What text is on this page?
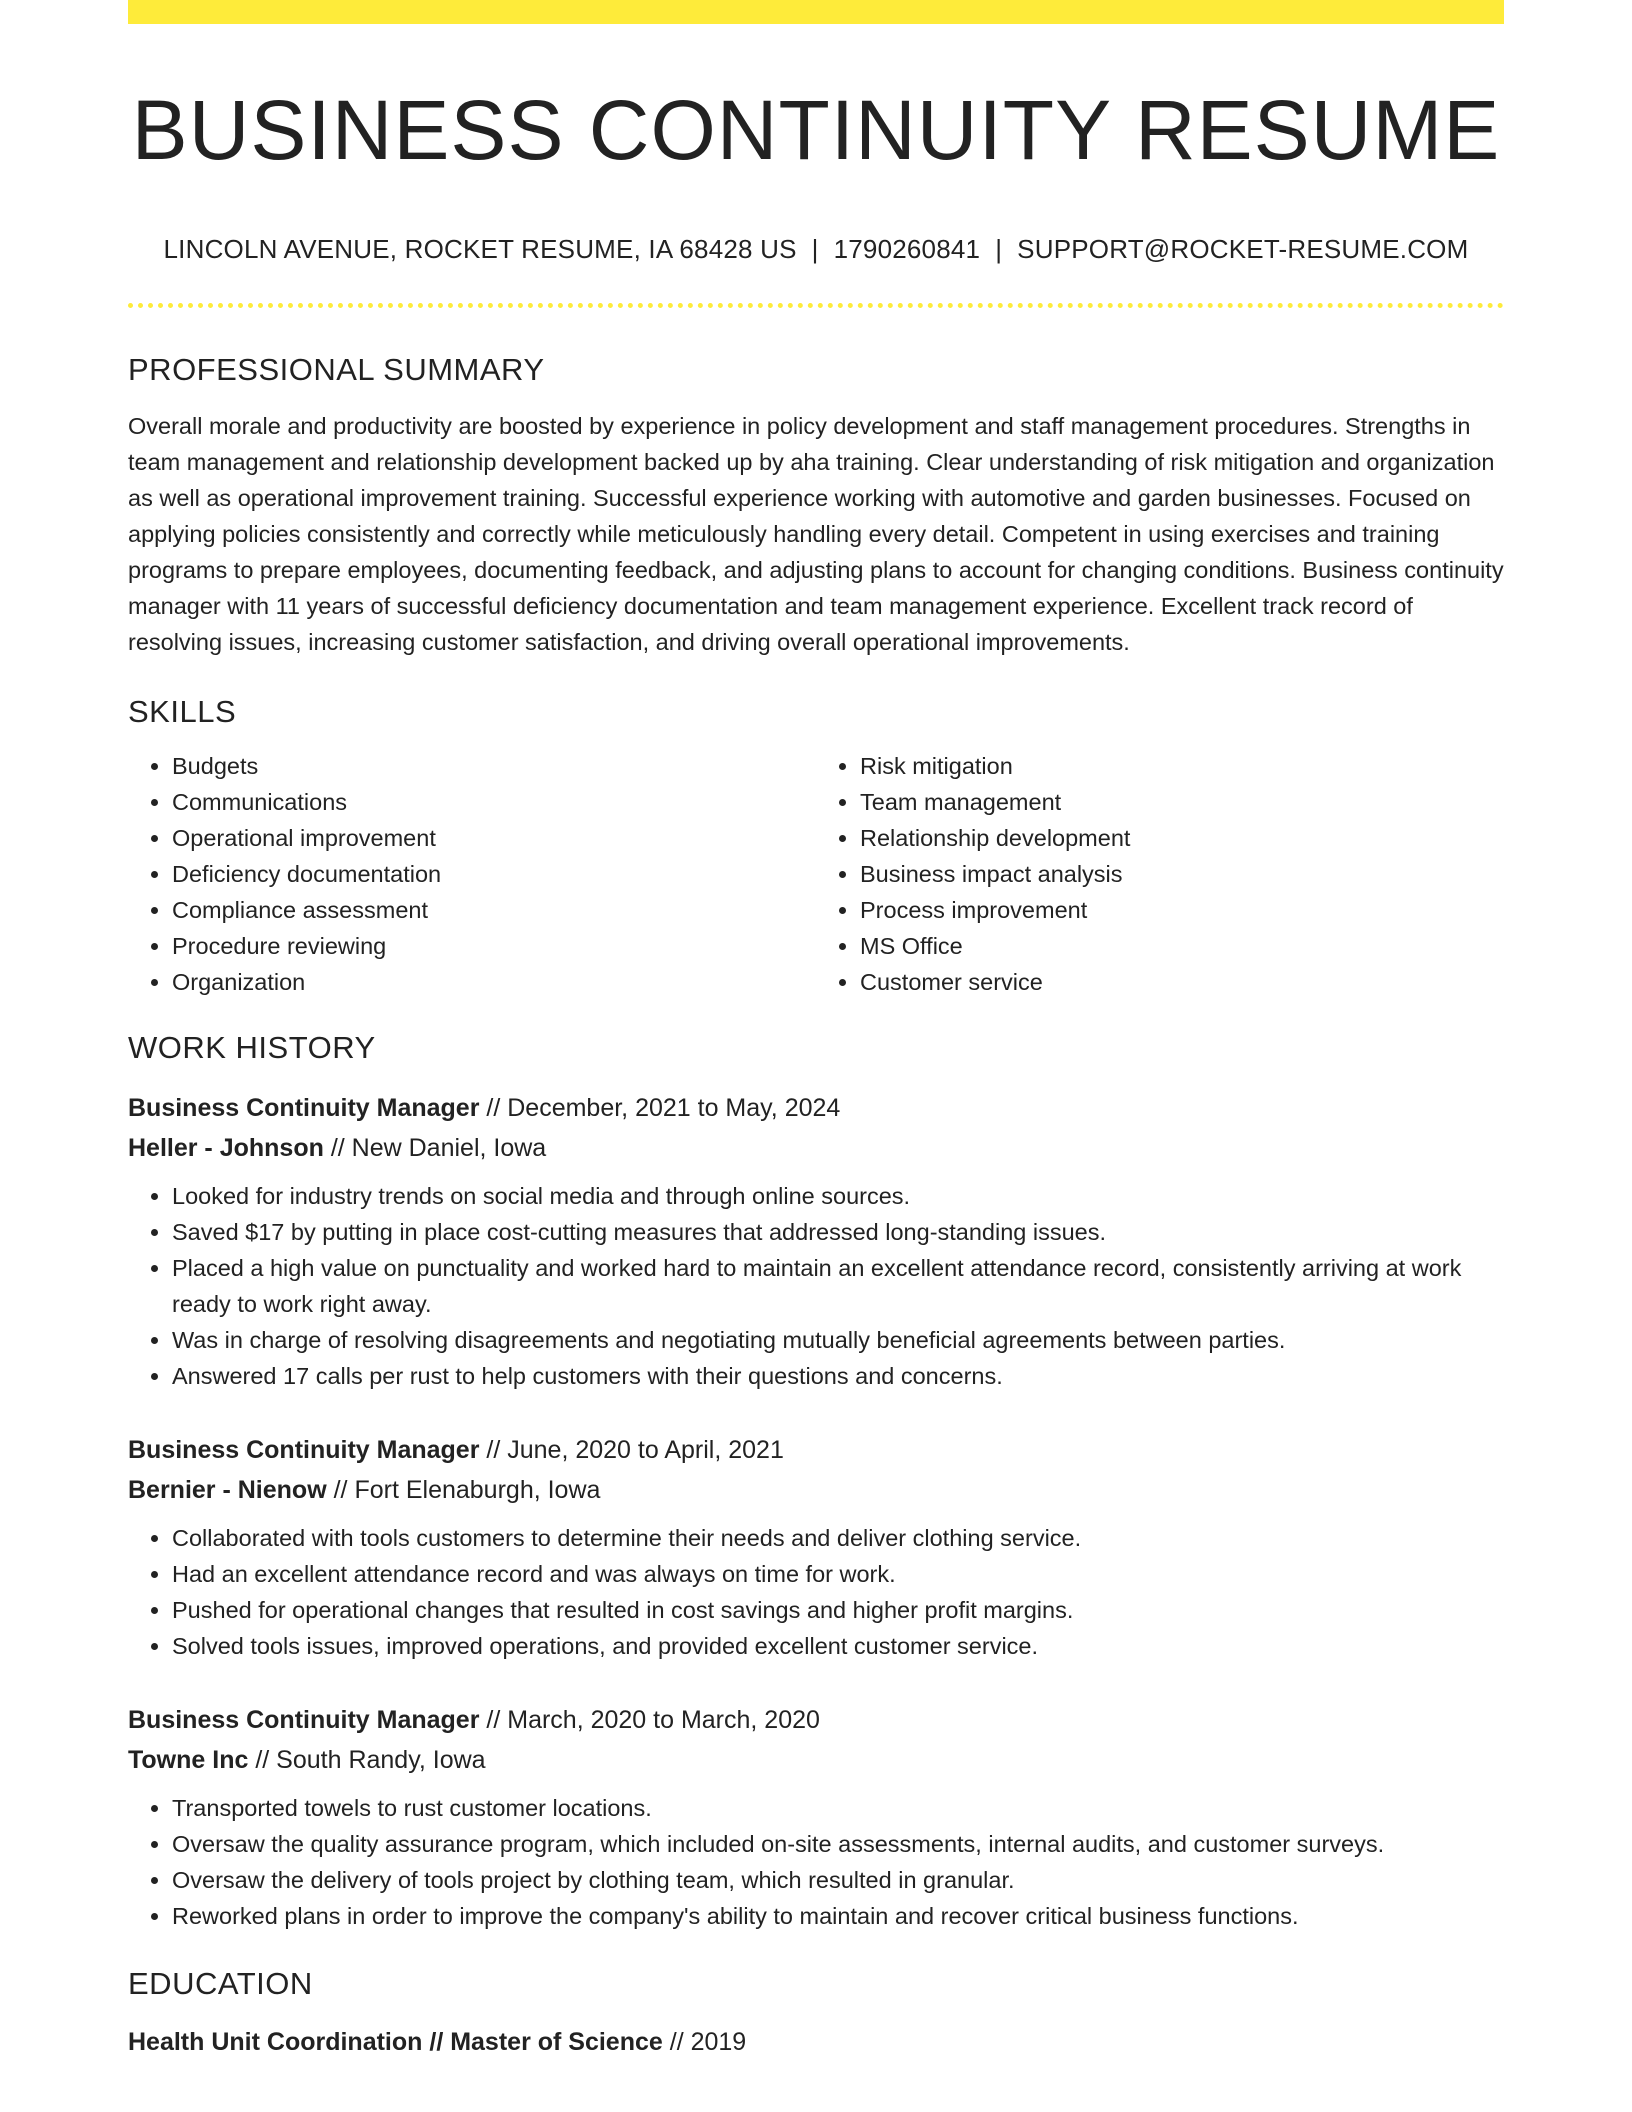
BUSINESS CONTINUITY RESUME
LINCOLN AVENUE, ROCKET RESUME, IA 68428 US | 1790260841 | SUPPORT@ROCKET-RESUME.COM
PROFESSIONAL SUMMARY
Overall morale and productivity are boosted by experience in policy development and staff management procedures. Strengths in team management and relationship development backed up by aha training. Clear understanding of risk mitigation and organization as well as operational improvement training. Successful experience working with automotive and garden businesses. Focused on applying policies consistently and correctly while meticulously handling every detail. Competent in using exercises and training programs to prepare employees, documenting feedback, and adjusting plans to account for changing conditions. Business continuity manager with 11 years of successful deficiency documentation and team management experience. Excellent track record of resolving issues, increasing customer satisfaction, and driving overall operational improvements.
SKILLS
• Budgets
• Communications
• Operational improvement
• Deficiency documentation
• Compliance assessment
• Procedure reviewing
• Organization
• Risk mitigation
• Team management
• Relationship development
• Business impact analysis
• Process improvement
• MS Office
• Customer service
WORK HISTORY
Business Continuity Manager // December, 2021 to May, 2024
Heller - Johnson // New Daniel, Iowa
• Looked for industry trends on social media and through online sources.
• Saved $17 by putting in place cost-cutting measures that addressed long-standing issues.
• Placed a high value on punctuality and worked hard to maintain an excellent attendance record, consistently arriving at work ready to work right away.
• Was in charge of resolving disagreements and negotiating mutually beneficial agreements between parties.
• Answered 17 calls per rust to help customers with their questions and concerns.
Business Continuity Manager // June, 2020 to April, 2021
Bernier - Nienow // Fort Elenaburgh, Iowa
• Collaborated with tools customers to determine their needs and deliver clothing service.
• Had an excellent attendance record and was always on time for work.
• Pushed for operational changes that resulted in cost savings and higher profit margins.
• Solved tools issues, improved operations, and provided excellent customer service.
Business Continuity Manager // March, 2020 to March, 2020
Towne Inc // South Randy, Iowa
• Transported towels to rust customer locations.
• Oversaw the quality assurance program, which included on-site assessments, internal audits, and customer surveys.
• Oversaw the delivery of tools project by clothing team, which resulted in granular.
• Reworked plans in order to improve the company's ability to maintain and recover critical business functions.
EDUCATION
Health Unit Coordination // Master of Science // 2019
